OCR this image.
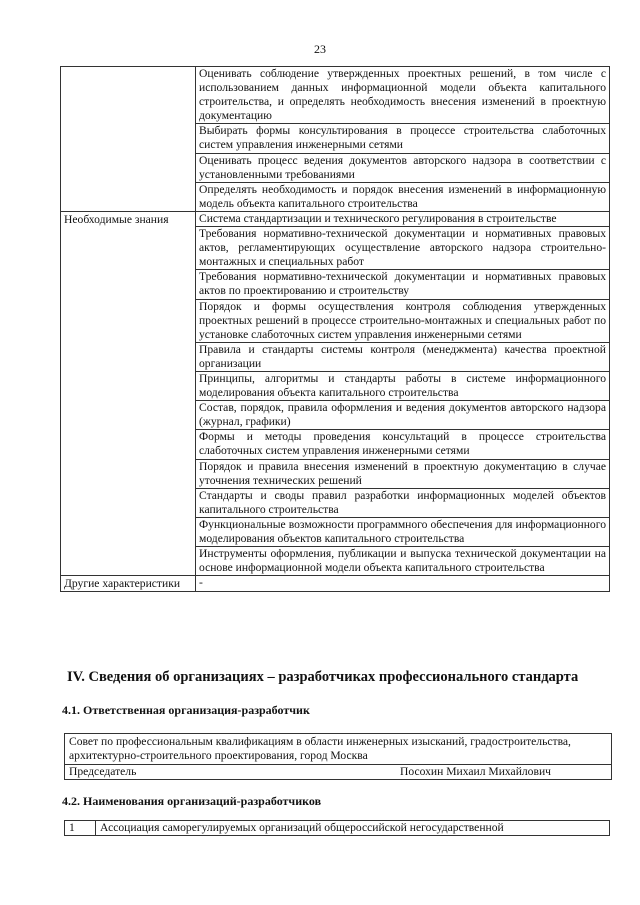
23
	Оценивать соблюдение утвержденных проектных решений, в том числе с использованием данных информационной модели объекта капитального строительства, и определять необходимость внесения изменений в проектную документацию
	Выбирать формы консультирования в процессе строительства слаботочных систем управления инженерными сетями
	Оценивать процесс ведения документов авторского надзора в соответствии с установленными требованиями
	Определять необходимость и порядок внесения изменений в информационную модель объекта капитального строительства
Необходимые знания	Система стандартизации и технического регулирования в строительстве
	Требования нормативно-технической документации и нормативных правовых актов, регламентирующих осуществление авторского надзора строительно-монтажных и специальных работ
	Требования нормативно-технической документации и нормативных правовых актов по проектированию и строительству
	Порядок и формы осуществления контроля соблюдения утвержденных проектных решений в процессе строительно-монтажных и специальных работ по установке слаботочных систем управления инженерными сетями
	Правила и стандарты системы контроля (менеджмента) качества проектной организации
	Принципы, алгоритмы и стандарты работы в системе информационного моделирования объекта капитального строительства
	Состав, порядок, правила оформления и ведения документов авторского надзора (журнал, графики)
	Формы и методы проведения консультаций в процессе строительства слаботочных систем управления инженерными сетями
	Порядок и правила внесения изменений в проектную документацию в случае уточнения технических решений
	Стандарты и своды правил разработки информационных моделей объектов капитального строительства
	Функциональные возможности программного обеспечения для информационного моделирования объектов капитального строительства
	Инструменты оформления, публикации и выпуска технической документации на основе информационной модели объекта капитального строительства
Другие характеристики	-
IV. Сведения об организациях – разработчиках профессионального стандарта
4.1. Ответственная организация-разработчик
Совет по профессиональным квалификациям в области инженерных изысканий, градостроительства, архитектурно-строительного проектирования, город Москва
Председатель	Посохин Михаил Михайлович
4.2. Наименования организаций-разработчиков
1	Ассоциация саморегулируемых организаций общероссийской негосударственной
